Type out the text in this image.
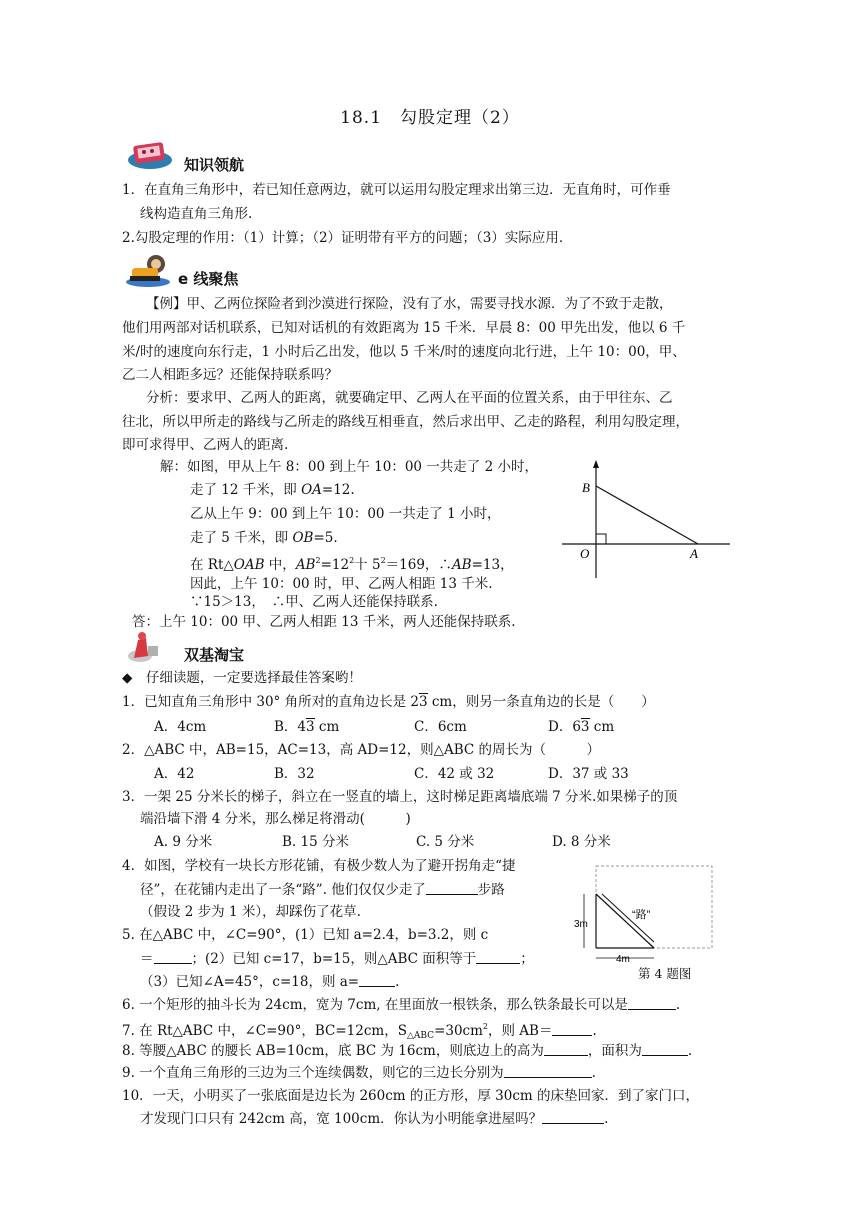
18.1　勾股定理（2）
知识领航
1．在直角三角形中，若已知任意两边，就可以运用勾股定理求出第三边．无直角时，可作垂
线构造直角三角形.
2.勾股定理的作用：（1）计算；（2）证明带有平方的问题；（3）实际应用．
e 线聚焦
【例】甲、乙两位探险者到沙漠进行探险，没有了水，需要寻找水源．为了不致于走散，
他们用两部对话机联系，已知对话机的有效距离为 15 千米．早晨 8：00 甲先出发，他以 6 千
米/时的速度向东行走，1 小时后乙出发，他以 5 千米/时的速度向北行进，上午 10：00，甲、
乙二人相距多远？还能保持联系吗？
分析：要求甲、乙两人的距离，就要确定甲、乙两人在平面的位置关系，由于甲往东、乙
往北，所以甲所走的路线与乙所走的路线互相垂直，然后求出甲、乙走的路程，利用勾股定理，
即可求得甲、乙两人的距离.
解：如图，甲从上午 8：00 到上午 10：00 一共走了 2 小时，
走了 12 千米，即 OA=12.
乙从上午 9：00 到上午 10：00 一共走了 1 小时，
走了 5 千米，即 OB=5.
在 Rt△OAB 中，$AB^2=12^2$十 $5^2=169$，∴AB=13，
因此，上午 10：00 时，甲、乙两人相距 13 千米.
∵15＞13，　∴甲、乙两人还能保持联系.
答：上午 10：00 甲、乙两人相距 13 千米，两人还能保持联系.
B
O	A
双基淘宝
◆　仔细读题，一定要选择最佳答案哟！
1．已知直角三角形中 30° 角所对的直角边长是 23 cm，则另一条直角边的长是（　　）
A．4cm	B．43 cm	C．6cm	D．63 cm
2．△ABC 中，AB=15，AC=13，高 AD=12，则△ABC 的周长为（　　　）
A．42	B．32	C．42 或 32	D．37 或 33
3．一架 25 分米长的梯子，斜立在一竖直的墙上，这时梯足距离墙底端 7 分米.如果梯子的顶
端沿墙下滑 4 分米，那么梯足将滑动(　　　)
A. 9 分米	B. 15 分米	C. 5 分米	D. 8 分米
4．如图，学校有一块长方形花铺，有极少数人为了避开拐角走“捷
径”，在花铺内走出了一条“路”. 他们仅仅少走了	步路
（假设 2 步为 1 米），却踩伤了花草.
5. 在△ABC 中，∠C=90°，(1）已知 a=2.4，b=3.2，则 c
＝	；(2）已知 c=17，b=15，则△ABC 面积等于	；
（3）已知∠A=45°，c=18，则 a=	.
“路”
3m
4m
第 4 题图
6. 一个矩形的抽斗长为 24cm，宽为 7cm, 在里面放一根铁条，那么铁条最长可以是	.
7. 在 Rt△ABC 中，∠C=90°，BC=12cm，$S_{\triangle ABC}=30cm^2$，则 AB＝	.
8. 等腰△ABC 的腰长 AB=10cm，底 BC 为 16cm，则底边上的高为	，面积为	.
9. 一个直角三角形的三边为三个连续偶数，则它的三边长分别为	.
10．一天，小明买了一张底面是边长为 260cm 的正方形，厚 30cm 的床垫回家．到了家门口，
才发现门口只有 242cm 高，宽 100cm．你认为小明能拿进屋吗？	.
